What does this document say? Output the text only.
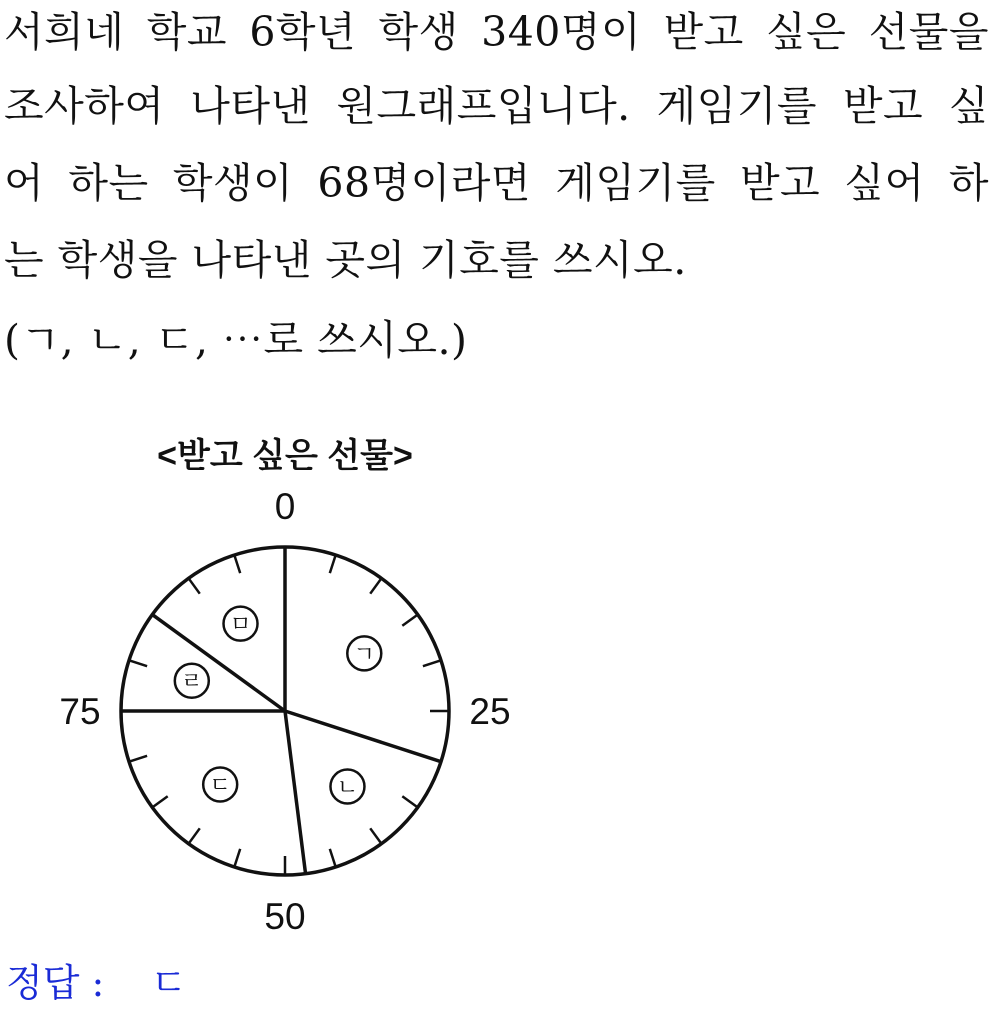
서희네 학교 6학년 학생 340명이 받고 싶은 선물을
조사하여 나타낸 원그래프입니다. 게임기를 받고 싶
어 하는 학생이 68명이라면 게임기를 받고 싶어 하
는 학생을 나타낸 곳의 기호를 쓰시오.
(ㄱ, ㄴ, ㄷ, ⋯로 쓰시오.)
<받고 싶은 선물>
ㄱ
ㄴ
ㄷ
ㄹ
ㅁ
0
25
50
75
정답 : ㄷ
